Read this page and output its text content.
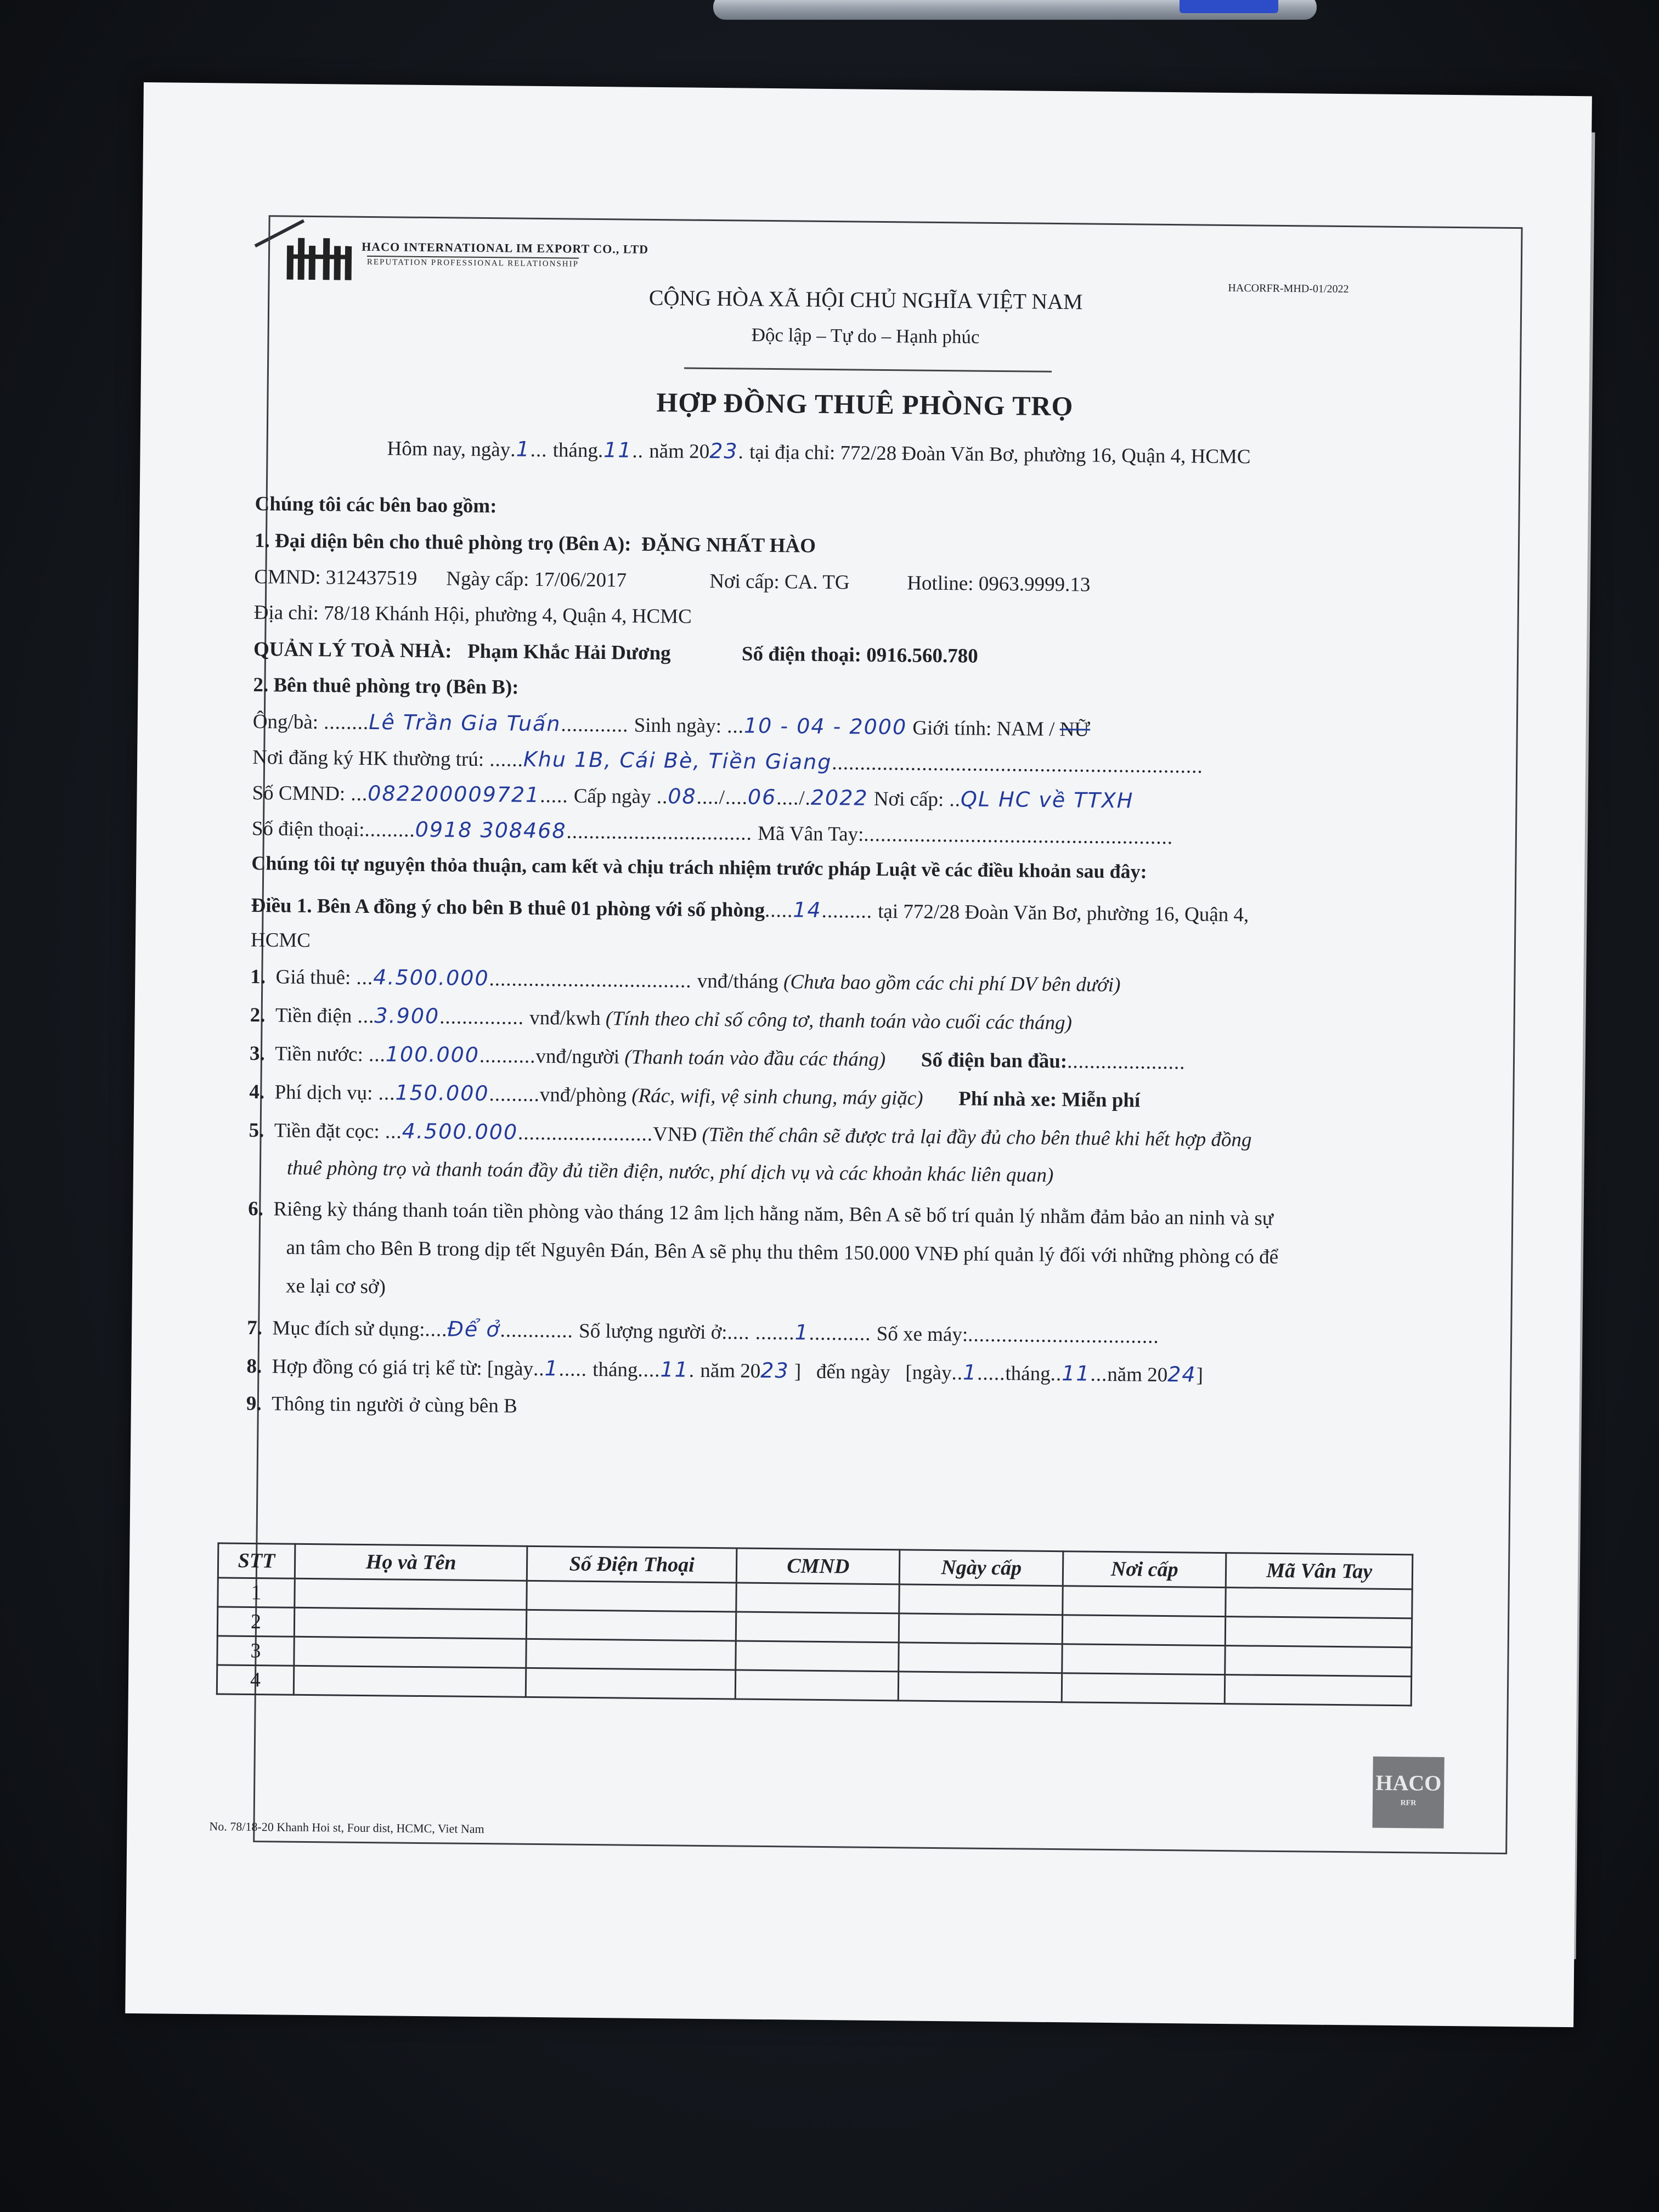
HACO INTERNATIONAL IM EXPORT CO., LTD
REPUTATION PROFESSIONAL RELATIONSHIP
HACORFR-MHD-01/2022
CỘNG HÒA XÃ HỘI CHỦ NGHĨA VIỆT NAM
Độc lập – Tự do – Hạnh phúc
HỢP ĐỒNG THUÊ PHÒNG TRỌ
Hôm nay, ngày.1... tháng.11.. năm 2023. tại địa chỉ: 772/28 Đoàn Văn Bơ, phường 16, Quận 4, HCMC
Chúng tôi các bên bao gồm:
1. Đại diện bên cho thuê phòng trọ (Bên A): ĐẶNG NHẤT HÀO
CMND: 312437519 Ngày cấp: 17/06/2017	Nơi cấp: CA. TG	Hotline: 0963.9999.13
Địa chỉ: 78/18 Khánh Hội, phường 4, Quận 4, HCMC
QUẢN LÝ TOÀ NHÀ: Phạm Khắc Hải Dương	Số điện thoại: 0916.560.780
2. Bên thuê phòng trọ (Bên B):
Ông/bà: ........Lê Trần Gia Tuấn............ Sinh ngày: ...10 - 04 - 2000 Giới tính: NAM / NỮ
Nơi đăng ký HK thường trú: ......Khu 1B, Cái Bè, Tiền Giang..................................................................
Số CMND: ...082200009721..... Cấp ngày ..08..../....06..../.2022 Nơi cấp: ..QL HC về TTXH
Số điện thoại:.........0918 308468................................. Mã Vân Tay:.......................................................
Chúng tôi tự nguyện thỏa thuận, cam kết và chịu trách nhiệm trước pháp Luật về các điều khoản sau đây:
Điều 1. Bên A đồng ý cho bên B thuê 01 phòng với số phòng.....14......... tại 772/28 Đoàn Văn Bơ, phường 16, Quận 4,
HCMC
1. Giá thuê: ...4.500.000.................................... vnđ/tháng (Chưa bao gồm các chi phí DV bên dưới)
2. Tiền điện ...3.900............... vnđ/kwh (Tính theo chỉ số công tơ, thanh toán vào cuối các tháng)
3. Tiền nước: ...100.000..........vnđ/người (Thanh toán vào đầu các tháng) Số điện ban đầu:.....................
4. Phí dịch vụ: ...150.000.........vnđ/phòng (Rác, wifi, vệ sinh chung, máy giặc) Phí nhà xe: Miễn phí
5. Tiền đặt cọc: ...4.500.000........................VNĐ (Tiền thế chân sẽ được trả lại đầy đủ cho bên thuê khi hết hợp đồng
thuê phòng trọ và thanh toán đầy đủ tiền điện, nước, phí dịch vụ và các khoản khác liên quan)
6. Riêng kỳ tháng thanh toán tiền phòng vào tháng 12 âm lịch hằng năm, Bên A sẽ bố trí quản lý nhằm đảm bảo an ninh và sự
an tâm cho Bên B trong dịp tết Nguyên Đán, Bên A sẽ phụ thu thêm 150.000 VNĐ phí quản lý đối với những phòng có để
xe lại cơ sở)
7. Mục đích sử dụng:....Để ở............. Số lượng người ở:.... .......1........... Số xe máy:..................................
8. Hợp đồng có giá trị kể từ: [ngày..1..... tháng....11. năm 2023 ]   đến ngày [ngày..1.....tháng..11...năm 2024]
9. Thông tin người ở cùng bên B
STT	Họ và Tên	Số Điện Thoại	CMND	Ngày cấp	Nơi cấp	Mã Vân Tay
1						
2						
3						
4						
HACO
RFR
No. 78/18-20 Khanh Hoi st, Four dist, HCMC, Viet Nam
